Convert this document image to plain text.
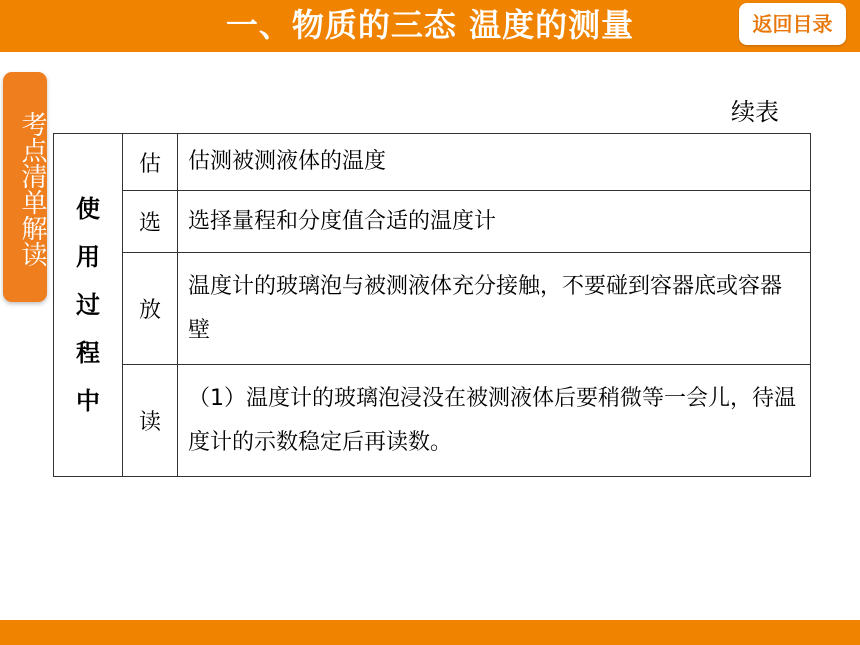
一、物质的三态 温度的测量	返回目录
考点清单解读	续表
使用过程中	估	估测被测液体的温度
	选	选择量程和分度值合适的温度计
	放	温度计的玻璃泡与被测液体充分接触，不要碰到容器底或容器壁
	读	（1）温度计的玻璃泡浸没在被测液体后要稍微等一会儿，待温度计的示数稳定后再读数。
